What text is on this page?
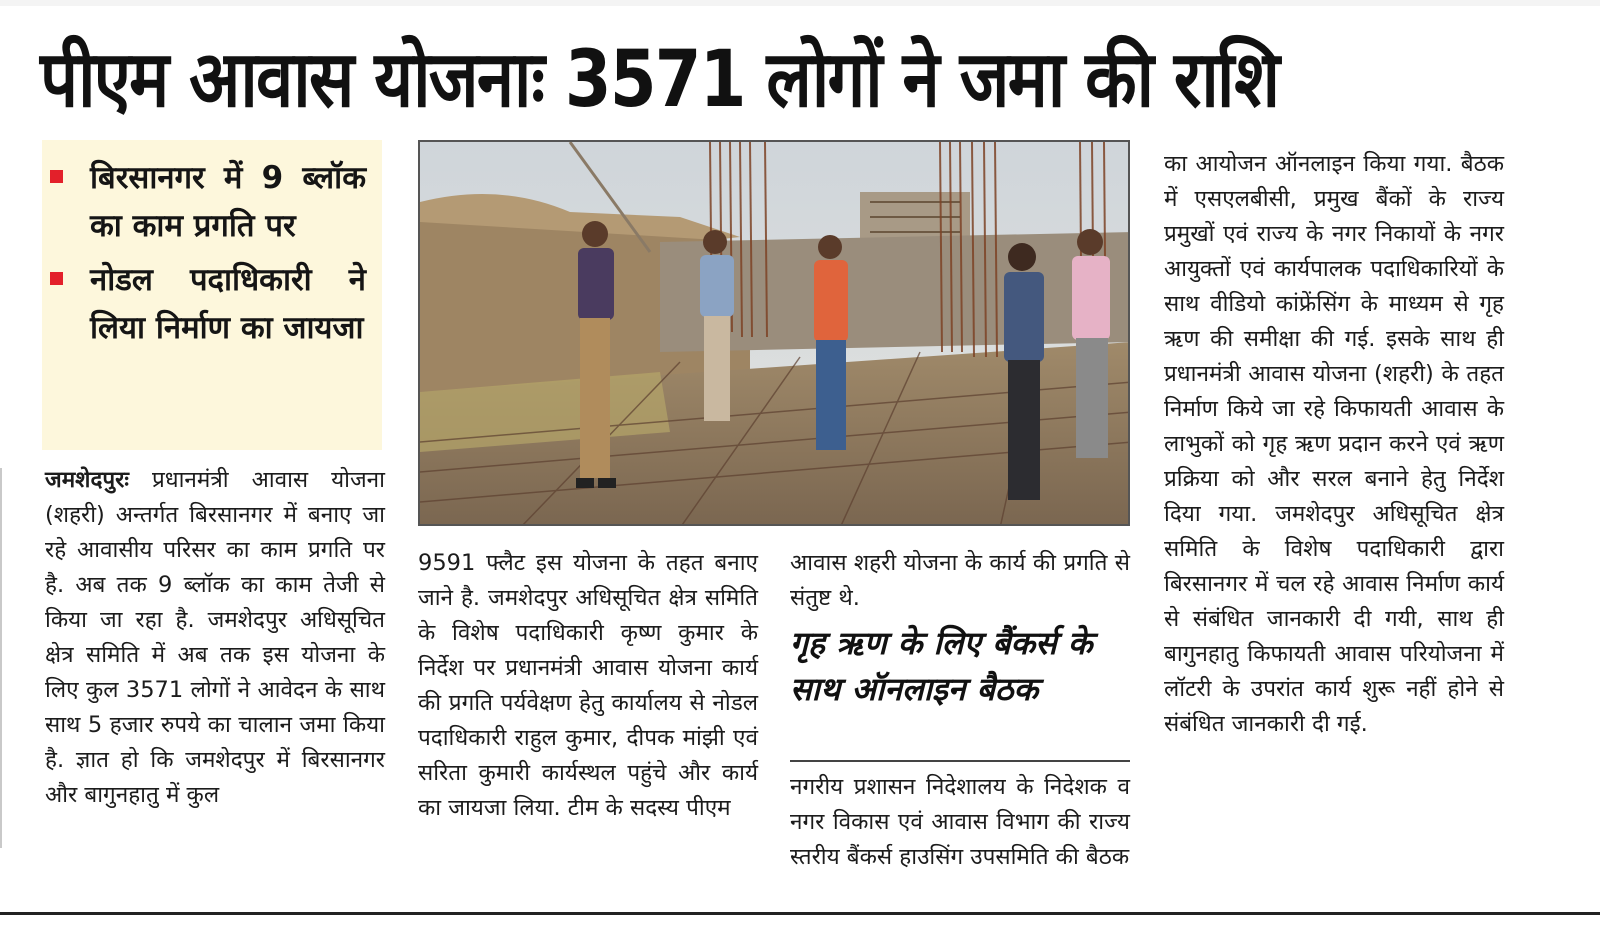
पीएम आवास योजनाः 3571 लोगों ने जमा की राशि
बिरसानगर में 9 ब्लॉक का काम प्रगति पर
नोडल पदाधिकारी ने लिया निर्माण का जायजा

जमशेदपुरः प्रधानमंत्री आवास योजना (शहरी) अन्तर्गत बिरसानगर में बनाए जा रहे आवासीय परिसर का काम प्रगति पर है. अब तक 9 ब्लॉक का काम तेजी से किया जा रहा है. जमशेदपुर अधिसूचित क्षेत्र समिति में अब तक इस योजना के लिए कुल 3571 लोगों ने आवेदन के साथ साथ 5 हजार रुपये का चालान जमा किया है. ज्ञात हो कि जमशेदपुर में बिरसानगर और बागुनहातु में कुल

9591 फ्लैट इस योजना के तहत बनाए जाने है. जमशेदपुर अधिसूचित क्षेत्र समिति के विशेष पदाधिकारी कृष्ण कुमार के निर्देश पर प्रधानमंत्री आवास योजना कार्य की प्रगति पर्यवेक्षण हेतु कार्यालय से नोडल पदाधिकारी राहुल कुमार, दीपक मांझी एवं सरिता कुमारी कार्यस्थल पहुंचे और कार्य का जायजा लिया. टीम के सदस्य पीएम

आवास शहरी योजना के कार्य की प्रगति से संतुष्ट थे.

गृह ऋण के लिए बैंकर्स के साथ ऑनलाइन बैठक

नगरीय प्रशासन निदेशालय के निदेशक व नगर विकास एवं आवास विभाग की राज्य स्तरीय बैंकर्स हाउसिंग उपसमिति की बैठक

का आयोजन ऑनलाइन किया गया. बैठक में एसएलबीसी, प्रमुख बैंकों के राज्य प्रमुखों एवं राज्य के नगर निकायों के नगर आयुक्तों एवं कार्यपालक पदाधिकारियों के साथ वीडियो कांफ्रेंसिंग के माध्यम से गृह ऋण की समीक्षा की गई. इसके साथ ही प्रधानमंत्री आवास योजना (शहरी) के तहत निर्माण किये जा रहे किफायती आवास के लाभुकों को गृह ऋण प्रदान करने एवं ऋण प्रक्रिया को और सरल बनाने हेतु निर्देश दिया गया. जमशेदपुर अधिसूचित क्षेत्र समिति के विशेष पदाधिकारी द्वारा बिरसानगर में चल रहे आवास निर्माण कार्य से संबंधित जानकारी दी गयी, साथ ही बागुनहातु किफायती आवास परियोजना में लॉटरी के उपरांत कार्य शुरू नहीं होने से संबंधित जानकारी दी गई.
